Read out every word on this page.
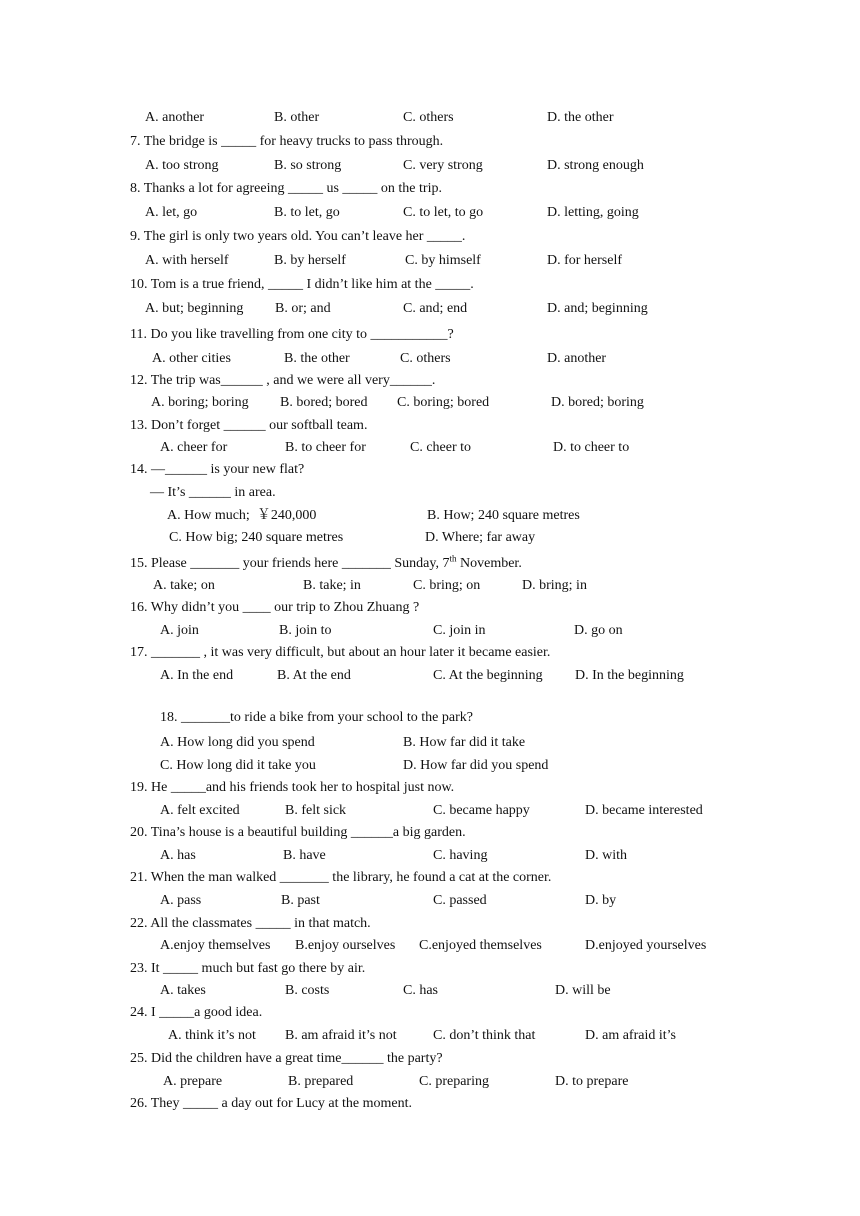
A. another	B. other	C. others	D. the other
7. The bridge is _____ for heavy trucks to pass through.
A. too strong	B. so strong	C. very strong	D. strong enough
8. Thanks a lot for agreeing _____ us _____ on the trip.
A. let, go	B. to let, go	C. to let, to go	D. letting, going
9. The girl is only two years old. You can’t leave her _____.
A. with herself	B. by herself	C. by himself	D. for herself
10. Tom is a true friend, _____ I didn’t like him at the _____.
A. but; beginning B. or; and	C. and; end	D. and; beginning
11. Do you like travelling from one city to ___________?
A. other cities	B. the other	C. others	D. another
12. The trip was______ , and we were all very______.
A. boring; boring B. bored; bored C. boring; bored	D. bored; boring
13. Don’t forget ______ our softball team.
A. cheer for	B. to cheer for	C. cheer to	D. to cheer to
14. —______ is your new flat?
— It’s ______ in area.
A. How much;  ￥240,000	B. How; 240 square metres
C. How big; 240 square metres	D. Where; far away
15. Please _______ your friends here _______ Sunday, 7th November.
A. take; on	B. take; in	C. bring; on	D. bring; in
16. Why didn’t you ____ our trip to Zhou Zhuang ?
A. join	B. join to	C. join in	D. go on
17. _______ , it was very difficult, but about an hour later it became easier.
A. In the end	B. At the end	C. At the beginning D. In the beginning
18. _______to ride a bike from your school to the park?
A. How long did you spend	B. How far did it take
C. How long did it take you	D. How far did you spend
19. He _____and his friends took her to hospital just now.
A. felt excited	B. felt sick	C. became happy	D. became interested
20. Tina’s house is a beautiful building ______a big garden.
A. has	B. have	C. having	D. with
21. When the man walked _______ the library, he found a cat at the corner.
A. pass	B. past	C. passed	D. by
22. All the classmates _____ in that match.
A.enjoy themselves B.enjoy ourselves C.enjoyed themselves	D.enjoyed yourselves
23. It _____ much but fast go there by air.
A. takes	B. costs	C. has	D. will be
24. I _____a good idea.
A. think it’s not B. am afraid it’s not	C. don’t think that	D. am afraid it’s
25. Did the children have a great time______ the party?
A. prepare	B. prepared	C. preparing	D. to prepare
26. They _____ a day out for Lucy at the moment.
